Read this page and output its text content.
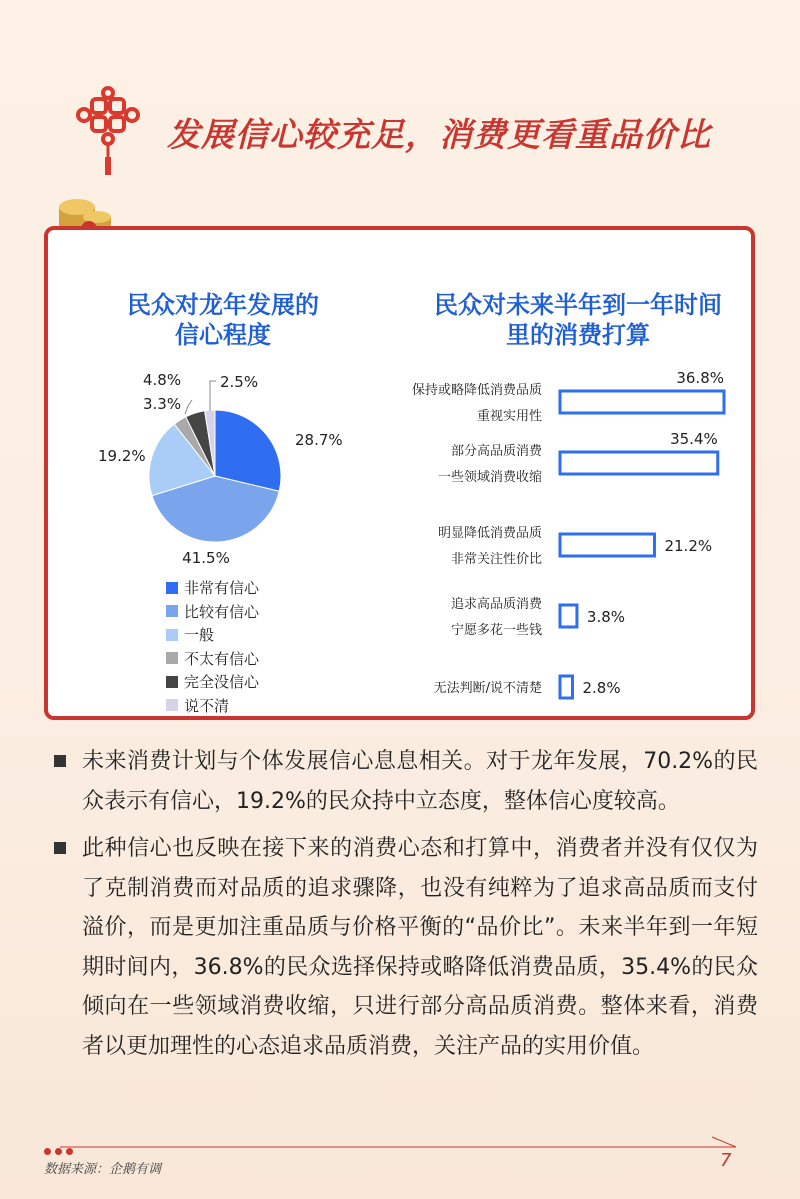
发展信心较充足，消费更看重品价比
28.7%
41.5%
19.2%
3.3%
4.8%	2.5%	36.8%
保持或略降低消费品质
重视实用性
35.4%
部分高品质消费
一些领域消费收缩
21.2%
明显降低消费品质
非常关注性价比
3.8%
追求高品质消费
宁愿多花一些钱
2.8%
无法判断/说不清楚
民众对龙年发展的
信心程度
民众对未来半年到一年时间
里的消费打算
非常有信心
比较有信心
一般
不太有信心
完全没信心
说不清
未来消费计划与个体发展信心息息相关。对于龙年发展，70.2%的民众表示有信心，19.2%的民众持中立态度，整体信心度较高。
此种信心也反映在接下来的消费心态和打算中，消费者并没有仅仅为了克制消费而对品质的追求骤降，也没有纯粹为了追求高品质而支付溢价，而是更加注重品质与价格平衡的“品价比”。未来半年到一年短期时间内，36.8%的民众选择保持或略降低消费品质，35.4%的民众倾向在一些领域消费收缩，只进行部分高品质消费。整体来看，消费者以更加理性的心态追求品质消费，关注产品的实用价值。
数据来源：企鹅有调	7
